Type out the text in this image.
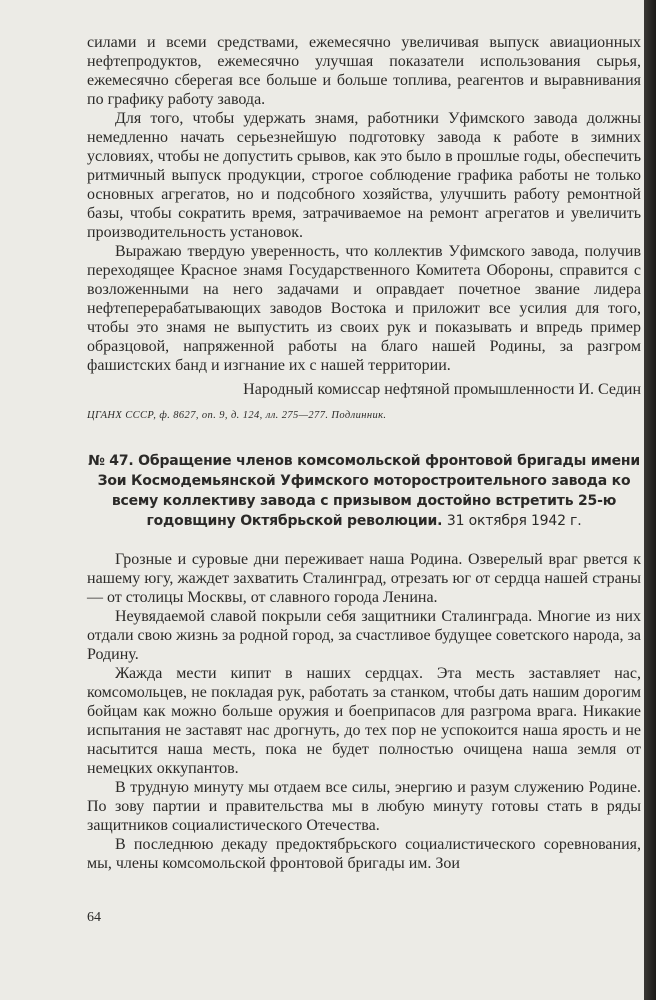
силами и всеми средствами, ежемесячно увеличивая выпуск авиационных нефтепродуктов, ежемесячно улучшая показатели использования сырья, ежемесячно сберегая все больше и больше топлива, реагентов и выравнивания по графику работу завода.

Для того, чтобы удержать знамя, работники Уфимского завода должны немедленно начать серьезнейшую подготовку завода к работе в зимних условиях, чтобы не допустить срывов, как это было в прошлые годы, обеспечить ритмичный выпуск продукции, строгое соблюдение графика работы не только основных агрегатов, но и подсобного хозяйства, улучшить работу ремонтной базы, чтобы сократить время, затрачиваемое на ремонт агрегатов и увеличить производительность установок.

Выражаю твердую уверенность, что коллектив Уфимского завода, получив переходящее Красное знамя Государственного Комитета Обороны, справится с возложенными на него задачами и оправдает почетное звание лидера нефтеперерабатывающих заводов Востока и приложит все усилия для того, чтобы это знамя не выпустить из своих рук и показывать и впредь пример образцовой, напряженной работы на благо нашей Родины, за разгром фашистских банд и изгнание их с нашей территории.

Народный комиссар нефтяной промышленности И. Седин

ЦГАНХ СССР, ф. 8627, оп. 9, д. 124, лл. 275—277. Подлинник.

№ 47. Обращение членов комсомольской фронтовой бригады имени Зои Космодемьянской Уфимского моторостроительного завода ко всему коллективу завода с призывом достойно встретить 25-ю годовщину Октябрьской революции. 31 октября 1942 г.

Грозные и суровые дни переживает наша Родина. Озверелый враг рвется к нашему югу, жаждет захватить Сталинград, отрезать юг от сердца нашей страны — от столицы Москвы, от славного города Ленина.

Неувядаемой славой покрыли себя защитники Сталинграда. Многие из них отдали свою жизнь за родной город, за счастливое будущее советского народа, за Родину.

Жажда мести кипит в наших сердцах. Эта месть заставляет нас, комсомольцев, не покладая рук, работать за станком, чтобы дать нашим дорогим бойцам как можно больше оружия и боеприпасов для разгрома врага. Никакие испытания не заставят нас дрогнуть, до тех пор не успокоится наша ярость и не насытится наша месть, пока не будет полностью очищена наша земля от немецких оккупантов.

В трудную минуту мы отдаем все силы, энергию и разум служению Родине. По зову партии и правительства мы в любую минуту готовы стать в ряды защитников социалистического Отечества.

В последнюю декаду предоктябрьского социалистического соревнования, мы, члены комсомольской фронтовой бригады им. Зои

64
